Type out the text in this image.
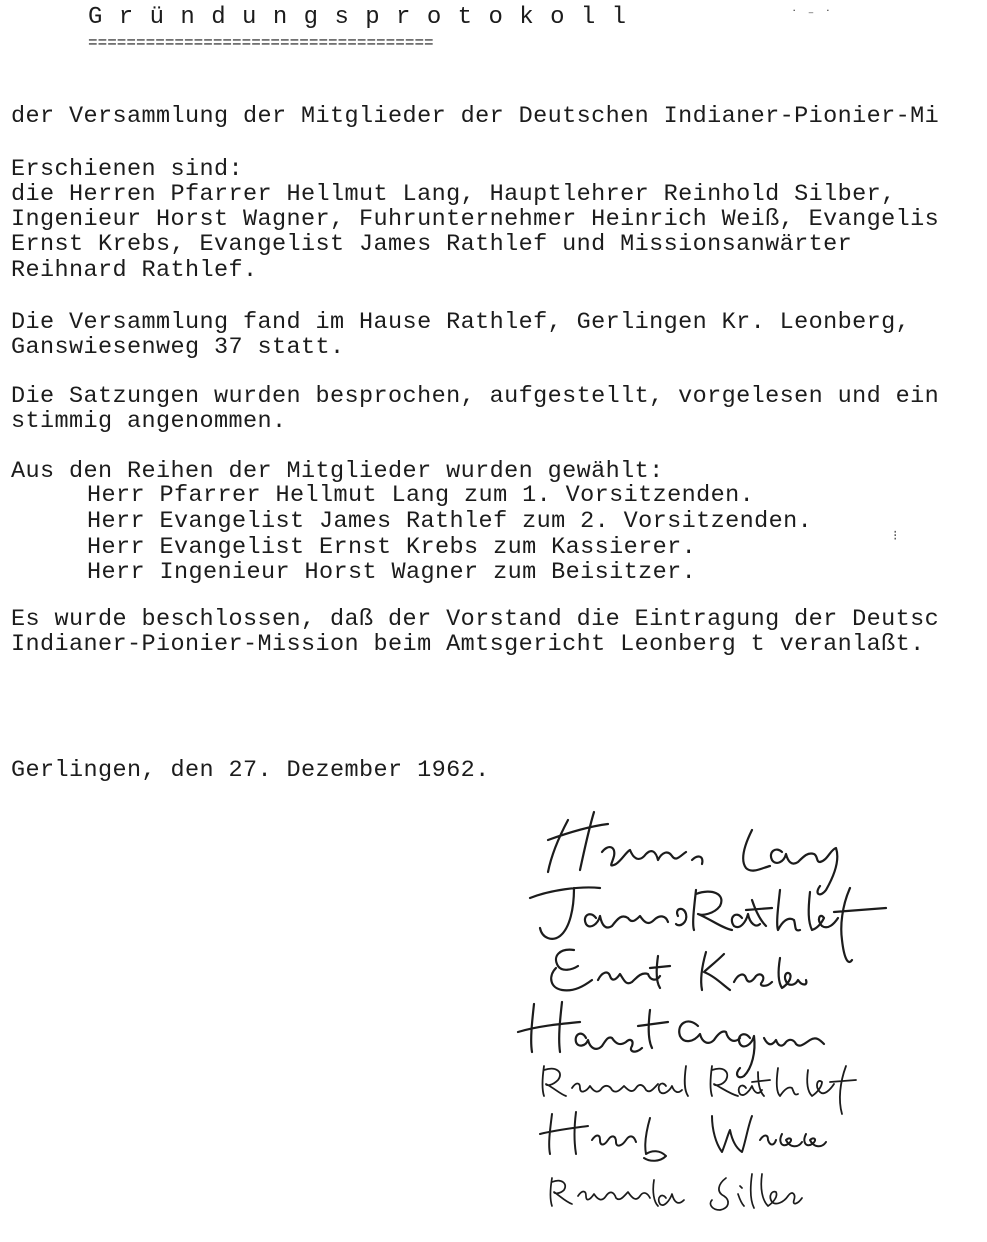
G r ü n d u n g s p r o t o k o l l
====================================
˙ ⁻ ˙
⁝
der Versammlung der Mitglieder der Deutschen Indianer-Pionier-Mi
Erschienen sind:
die Herren Pfarrer Hellmut Lang, Hauptlehrer Reinhold Silber,
Ingenieur Horst Wagner, Fuhrunternehmer Heinrich Weiß, Evangelis
Ernst Krebs, Evangelist James Rathlef und Missionsanwärter
Reihnard Rathlef.
Die Versammlung fand im Hause Rathlef, Gerlingen Kr. Leonberg,
Ganswiesenweg 37 statt.
Die Satzungen wurden besprochen, aufgestellt, vorgelesen und ein
stimmig angenommen.
Aus den Reihen der Mitglieder wurden gewählt:
Herr Pfarrer Hellmut Lang zum 1. Vorsitzenden.
Herr Evangelist James Rathlef zum 2. Vorsitzenden.
Herr Evangelist Ernst Krebs zum Kassierer.
Herr Ingenieur Horst Wagner zum Beisitzer.
Es wurde beschlossen, daß der Vorstand die Eintragung der Deutsc
Indianer-Pionier-Mission beim Amtsgericht Leonberg t veranlaßt.
Gerlingen, den 27. Dezember 1962.
